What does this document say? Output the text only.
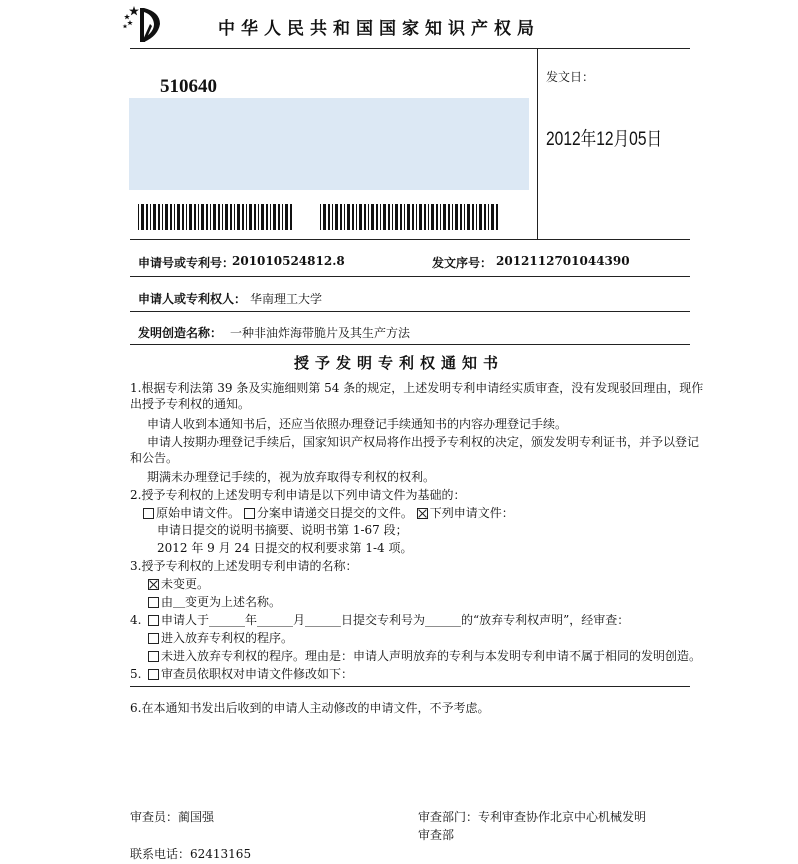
中华人民共和国国家知识产权局
510640	发文日：
2012年12月05日
申请号或专利号：
201010524812.8	发文序号： 2012112701044390
申请人或专利权人： 华南理工大学
发明创造名称： 一种非油炸海带脆片及其生产方法
授予发明专利权通知书
1.根据专利法第 39 条及实施细则第 54 条的规定，上述发明专利申请经实质审查，没有发现驳回理由，现作
出授予专利权的通知。
申请人收到本通知书后，还应当依照办理登记手续通知书的内容办理登记手续。
申请人按期办理登记手续后，国家知识产权局将作出授予专利权的决定，颁发发明专利证书，并予以登记
和公告。
期满未办理登记手续的，视为放弃取得专利权的权利。
2.授予专利权的上述发明专利申请是以下列申请文件为基础的：
原始申请文件。 分案申请递交日提交的文件。 下列申请文件：
申请日提交的说明书摘要、说明书第 1-67 段；
2012 年 9 月 24 日提交的权利要求第 1-4 项。
3.授予专利权的上述发明专利申请的名称：
未变更。
由＿变更为上述名称。
4.	申请人于______年______月______日提交专利号为______的“放弃专利权声明”，经审查：
进入放弃专利权的程序。
未进入放弃专利权的程序。理由是：申请人声明放弃的专利与本发明专利申请不属于相同的发明创造。
5.	审查员依职权对申请文件修改如下：
6.在本通知书发出后收到的申请人主动修改的申请文件，不予考虑。
审查员：蔺国强	审查部门：专利审查协作北京中心机械发明
审查部
联系电话：62413165
